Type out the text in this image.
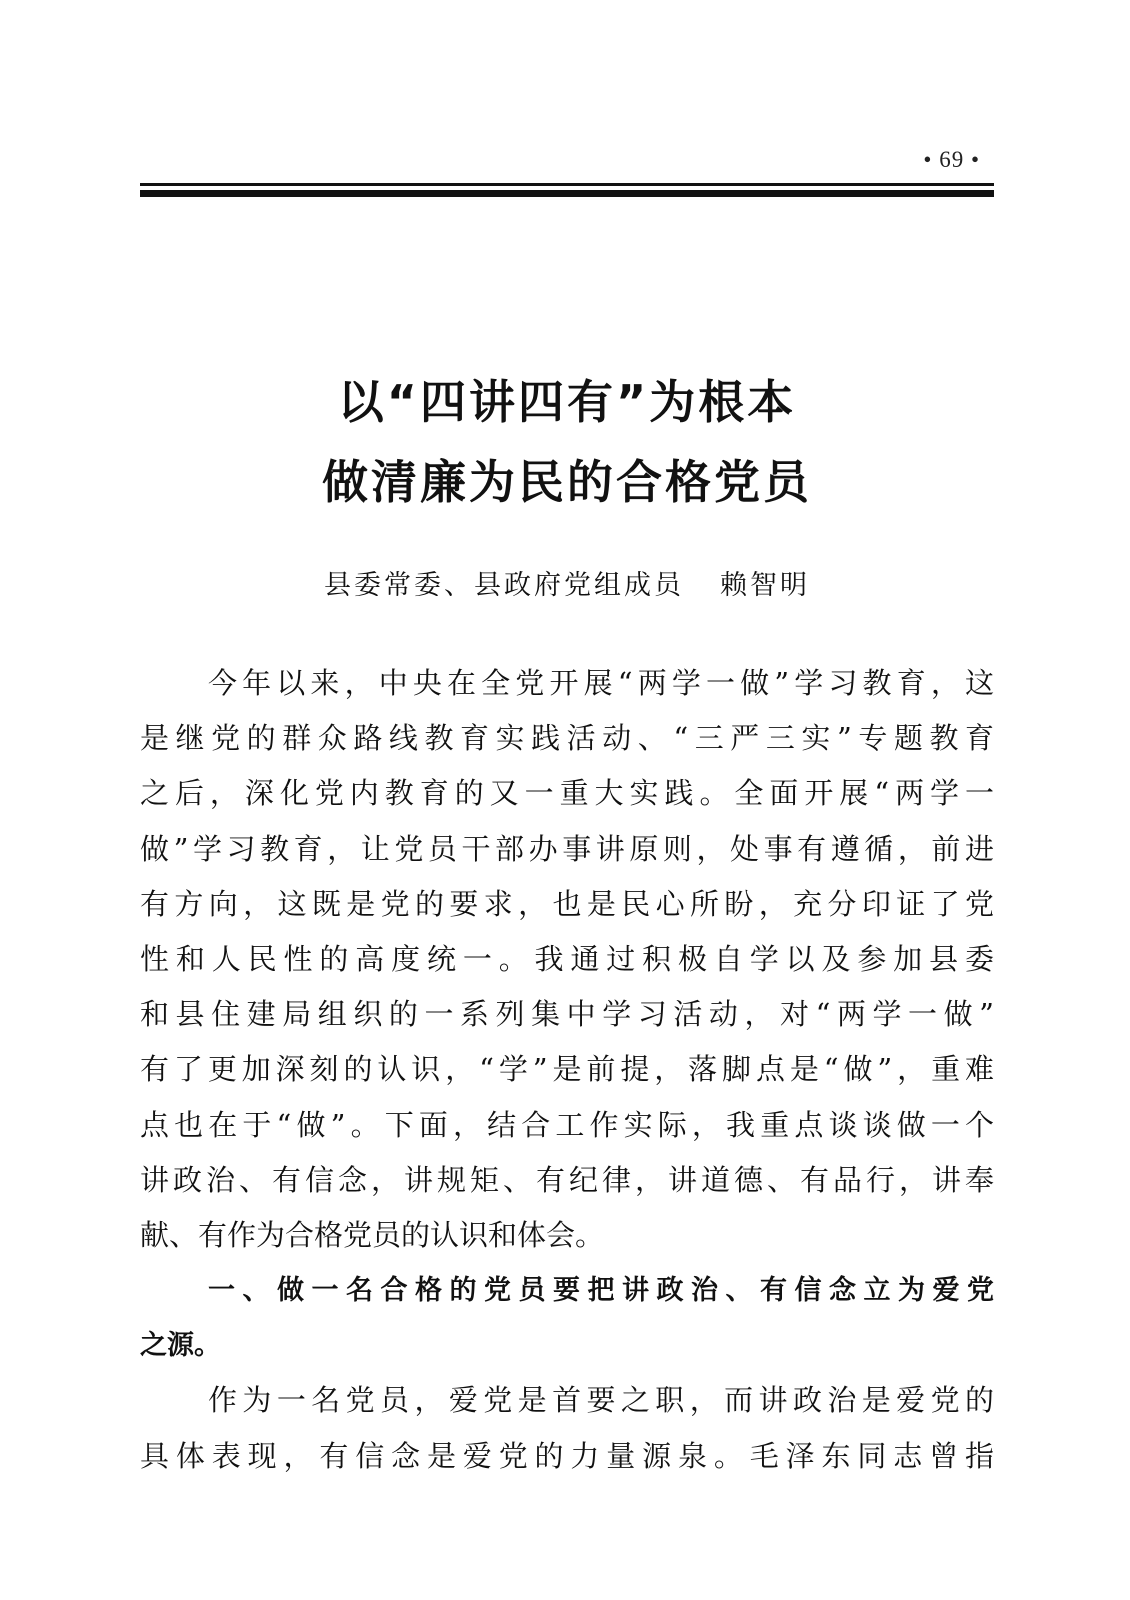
• 69 •
以“四讲四有”为根本
做清廉为民的合格党员
县委常委、县政府党组成员 赖智明
今年以来，中央在全党开展“两学一做”学习教育，这
是继党的群众路线教育实践活动、“三严三实”专题教育
之后，深化党内教育的又一重大实践。全面开展“两学一
做”学习教育，让党员干部办事讲原则，处事有遵循，前进
有方向，这既是党的要求，也是民心所盼，充分印证了党
性和人民性的高度统一。我通过积极自学以及参加县委
和县住建局组织的一系列集中学习活动，对“两学一做”
有了更加深刻的认识，“学”是前提，落脚点是“做”，重难
点也在于“做”。下面，结合工作实际，我重点谈谈做一个
讲政治、有信念，讲规矩、有纪律，讲道德、有品行，讲奉
献、有作为合格党员的认识和体会。
一、做一名合格的党员要把讲政治、有信念立为爱党
之源。
作为一名党员，爱党是首要之职，而讲政治是爱党的
具体表现，有信念是爱党的力量源泉。毛泽东同志曾指
